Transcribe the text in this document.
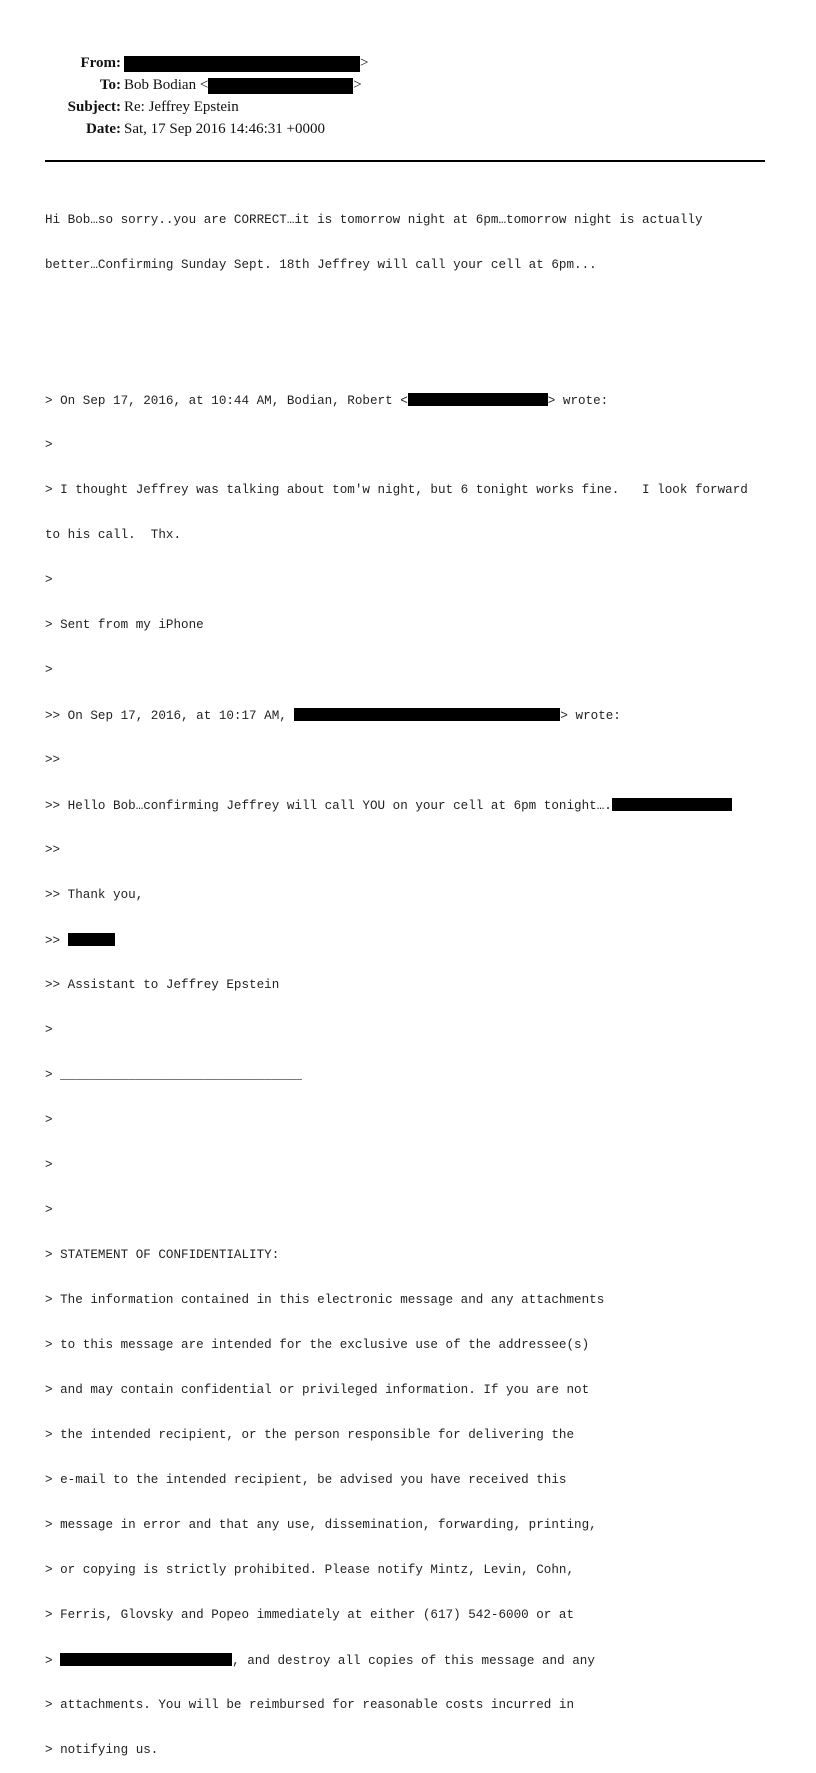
From:	>
To: Bob Bodian <	>
Subject: Re: Jeffrey Epstein
Date: Sat, 17 Sep 2016 14:46:31 +0000

Hi Bob…so sorry..you are CORRECT…it is tomorrow night at 6pm…tomorrow night is actually

better…Confirming Sunday Sept. 18th Jeffrey will call your cell at 6pm...

> On Sep 17, 2016, at 10:44 AM, Bodian, Robert <	> wrote:

>

> I thought Jeffrey was talking about tom'w night, but 6 tonight works fine.   I look forward

to his call.  Thx.

>

> Sent from my iPhone

>

>> On Sep 17, 2016, at 10:17 AM,	> wrote:

>>

>> Hello Bob…confirming Jeffrey will call YOU on your cell at 6pm tonight….

>>

>> Thank you,

>>

>> Assistant to Jeffrey Epstein

>

> ________________________________

>

>

>

> STATEMENT OF CONFIDENTIALITY:

> The information contained in this electronic message and any attachments

> to this message are intended for the exclusive use of the addressee(s)

> and may contain confidential or privileged information. If you are not

> the intended recipient, or the person responsible for delivering the

> e-mail to the intended recipient, be advised you have received this

> message in error and that any use, dissemination, forwarding, printing,

> or copying is strictly prohibited. Please notify Mintz, Levin, Cohn,

> Ferris, Glovsky and Popeo immediately at either (617) 542-6000 or at

>	, and destroy all copies of this message and any

> attachments. You will be reimbursed for reasonable costs incurred in

> notifying us.
